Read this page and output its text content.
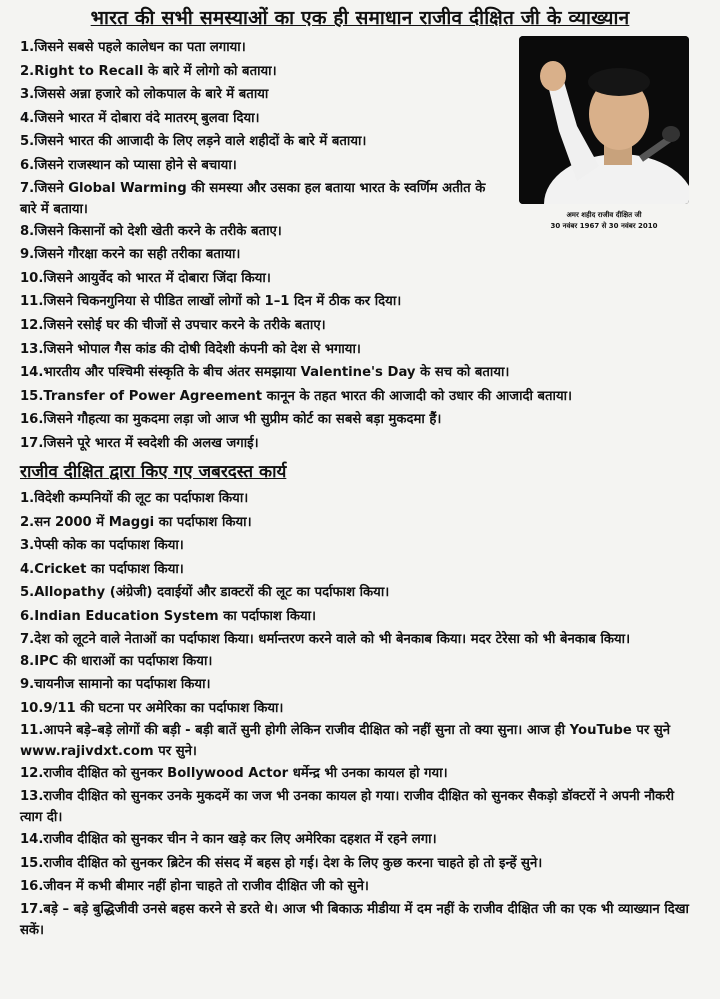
भारत की सभी समस्याओं का एक ही समाधान राजीव दीक्षित जी के व्याख्यान
1.जिसने सबसे पहले कालेधन का पता लगाया।
2.Right to Recall के बारे में लोगो को बताया।
3.जिससे अन्ना हजारे को लोकपाल के बारे में बताया
4.जिसने भारत में दोबारा वंदे मातरम् बुलवा दिया।
5.जिसने भारत की आजादी के लिए लड़ने वाले शहीदों के बारे में बताया।
6.जिसने राजस्थान को प्यासा होने से बचाया।
7.जिसने Global Warming की समस्या और उसका हल बताया भारत के स्वर्णिम अतीत के बारे में बताया।
8.जिसने किसानों को देशी खेती करने के तरीके बताए।
9.जिसने गौरक्षा करने का सही तरीका बताया।
10.जिसने आयुर्वेद को भारत में दोबारा जिंदा किया।
11.जिसने चिकनगुनिया से पीडित लाखों लोगों को 1–1 दिन में ठीक कर दिया।
12.जिसने रसोई घर की चीजों से उपचार करने के तरीके बताए।
13.जिसने भोपाल गैस कांड की दोषी विदेशी कंपनी को देश से भगाया।
14.भारतीय और पश्चिमी संस्कृति के बीच अंतर समझाया Valentine's Day के सच को बताया।
15.Transfer of Power Agreement कानून के तहत भारत की आजादी को उधार की आजादी बताया।
16.जिसने गौहत्या का मुकदमा लड़ा जो आज भी सुप्रीम कोर्ट का सबसे बड़ा मुकदमा हैं।
17.जिसने पूरे भारत में स्वदेशी की अलख जगाई।
अमर शहीद राजीव दीक्षित जी
30 नवंबर 1967 से 30 नवंबर 2010
राजीव दीक्षित द्वारा किए गए जबरदस्त कार्य
1.विदेशी कम्पनियों की लूट का पर्दाफाश किया।
2.सन 2000 में Maggi का पर्दाफाश किया।
3.पेप्सी कोक का पर्दाफाश किया।
4.Cricket का पर्दाफाश किया।
5.Allopathy (अंग्रेजी) दवाईयों और डाक्टरों की लूट का पर्दाफाश किया।
6.Indian Education System का पर्दाफाश किया।
7.देश को लूटने वाले नेताओं का पर्दाफाश किया। धर्मान्तरण करने वाले को भी बेनकाब किया। मदर टेरेसा को भी बेनकाब किया।
8.IPC की धाराओं का पर्दाफाश किया।
9.चायनीज सामानो का पर्दाफाश किया।
10.9/11 की घटना पर अमेरिका का पर्दाफाश किया।
11.आपने बड़े–बड़े लोगों की बड़ी - बड़ी बातें सुनी होगी लेकिन राजीव दीक्षित को नहीं सुना तो क्या सुना। आज ही YouTube पर सुने www.rajivdxt.com पर सुने।
12.राजीव दीक्षित को सुनकर Bollywood Actor धर्मेन्द्र भी उनका कायल हो गया।
13.राजीव दीक्षित को सुनकर उनके मुकदमें का जज भी उनका कायल हो गया। राजीव दीक्षित को सुनकर सैकड़ो डॉक्टरों ने अपनी नौकरी त्याग दी।
14.राजीव दीक्षित को सुनकर चीन ने कान खड़े कर लिए अमेरिका दहशत में रहने लगा।
15.राजीव दीक्षित को सुनकर ब्रिटेन की संसद में बहस हो गई। देश के लिए कुछ करना चाहते हो तो इन्हें सुने।
16.जीवन में कभी बीमार नहीं होना चाहते तो राजीव दीक्षित जी को सुने।
17.बड़े – बड़े बुद्धिजीवी उनसे बहस करने से डरते थे। आज भी बिकाऊ मीडीया में दम नहीं के राजीव दीक्षित जी का एक भी व्याख्यान दिखा सकें।
